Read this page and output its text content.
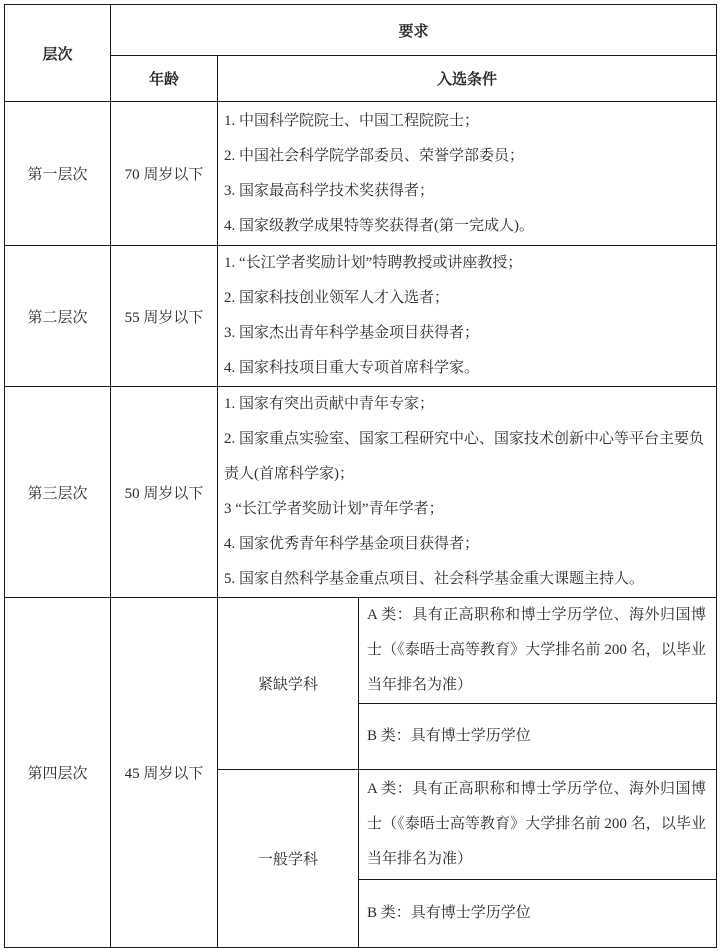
层次	要求		
	年龄	入选条件	
第一层次	70 周岁以下	1. 中国科学院院士、中国工程院院士；
2. 中国社会科学院学部委员、荣誉学部委员；
3. 国家最高科学技术奖获得者；
4. 国家级教学成果特等奖获得者(第一完成人)。	

第二层次	55 周岁以下	1. “长江学者奖励计划”特聘教授或讲座教授；
2. 国家科技创业领军人才入选者；
3. 国家杰出青年科学基金项目获得者；
4. 国家科技项目重大专项首席科学家。	

第三层次	50 周岁以下	1. 国家有突出贡献中青年专家；
2. 国家重点实验室、国家工程研究中心、国家技术创新中心等平台主要负责人(首席科学家)；
3 “长江学者奖励计划”青年学者；
4. 国家优秀青年科学基金项目获得者；
5. 国家自然科学基金重点项目、社会科学基金重大课题主持人。	

第四层次	45 周岁以下	紧缺学科	A 类：具有正高职称和博士学历学位、海外归国博士（《泰晤士高等教育》大学排名前 200 名，以毕业当年排名为准）
			B 类：具有博士学历学位
		一般学科	A 类：具有正高职称和博士学历学位、海外归国博士（《泰晤士高等教育》大学排名前 200 名，以毕业当年排名为准）
			B 类：具有博士学历学位
